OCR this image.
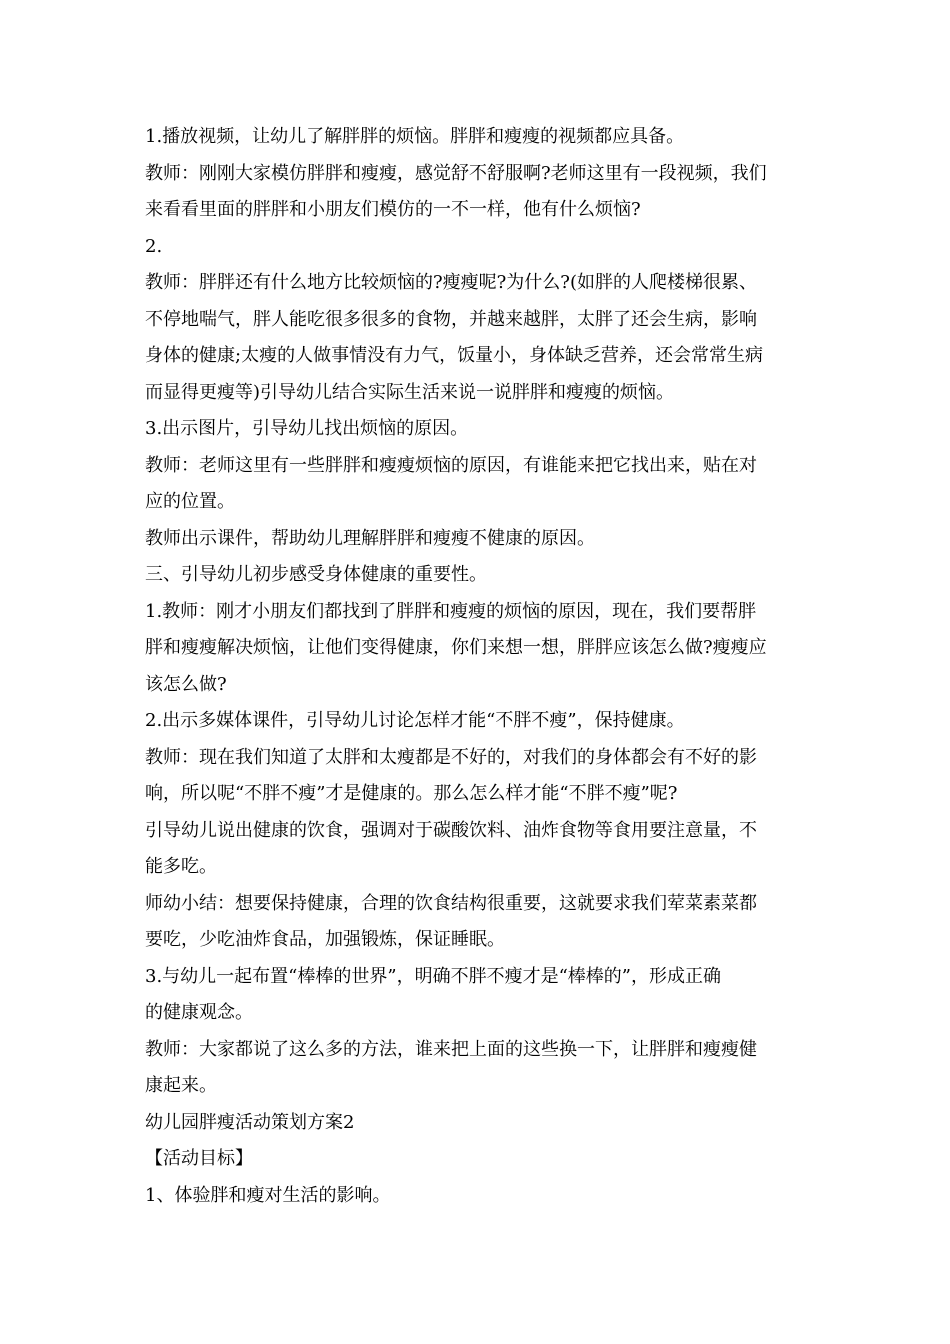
1.播放视频，让幼儿了解胖胖的烦恼。胖胖和瘦瘦的视频都应具备。
教师：刚刚大家模仿胖胖和瘦瘦，感觉舒不舒服啊?老师这里有一段视频，我们
来看看里面的胖胖和小朋友们模仿的一不一样，他有什么烦恼?
2.
教师：胖胖还有什么地方比较烦恼的?瘦瘦呢?为什么?(如胖的人爬楼梯很累、
不停地喘气，胖人能吃很多很多的食物，并越来越胖，太胖了还会生病，影响
身体的健康;太瘦的人做事情没有力气，饭量小，身体缺乏营养，还会常常生病
而显得更瘦等)引导幼儿结合实际生活来说一说胖胖和瘦瘦的烦恼。
3.出示图片，引导幼儿找出烦恼的原因。
教师：老师这里有一些胖胖和瘦瘦烦恼的原因，有谁能来把它找出来，贴在对
应的位置。
教师出示课件，帮助幼儿理解胖胖和瘦瘦不健康的原因。
三、引导幼儿初步感受身体健康的重要性。
1.教师：刚才小朋友们都找到了胖胖和瘦瘦的烦恼的原因，现在，我们要帮胖
胖和瘦瘦解决烦恼，让他们变得健康，你们来想一想，胖胖应该怎么做?瘦瘦应
该怎么做?
2.出示多媒体课件，引导幼儿讨论怎样才能“不胖不瘦”，保持健康。
教师：现在我们知道了太胖和太瘦都是不好的，对我们的身体都会有不好的影
响，所以呢“不胖不瘦”才是健康的。那么怎么样才能“不胖不瘦”呢?
引导幼儿说出健康的饮食，强调对于碳酸饮料、油炸食物等食用要注意量，不
能多吃。
师幼小结：想要保持健康，合理的饮食结构很重要，这就要求我们荤菜素菜都
要吃，少吃油炸食品，加强锻炼，保证睡眠。
3.与幼儿一起布置“棒棒的世界”，明确不胖不瘦才是“棒棒的”，形成正确
的健康观念。
教师：大家都说了这么多的方法，谁来把上面的这些换一下，让胖胖和瘦瘦健
康起来。
幼儿园胖瘦活动策划方案2
【活动目标】
1、体验胖和瘦对生活的影响。
